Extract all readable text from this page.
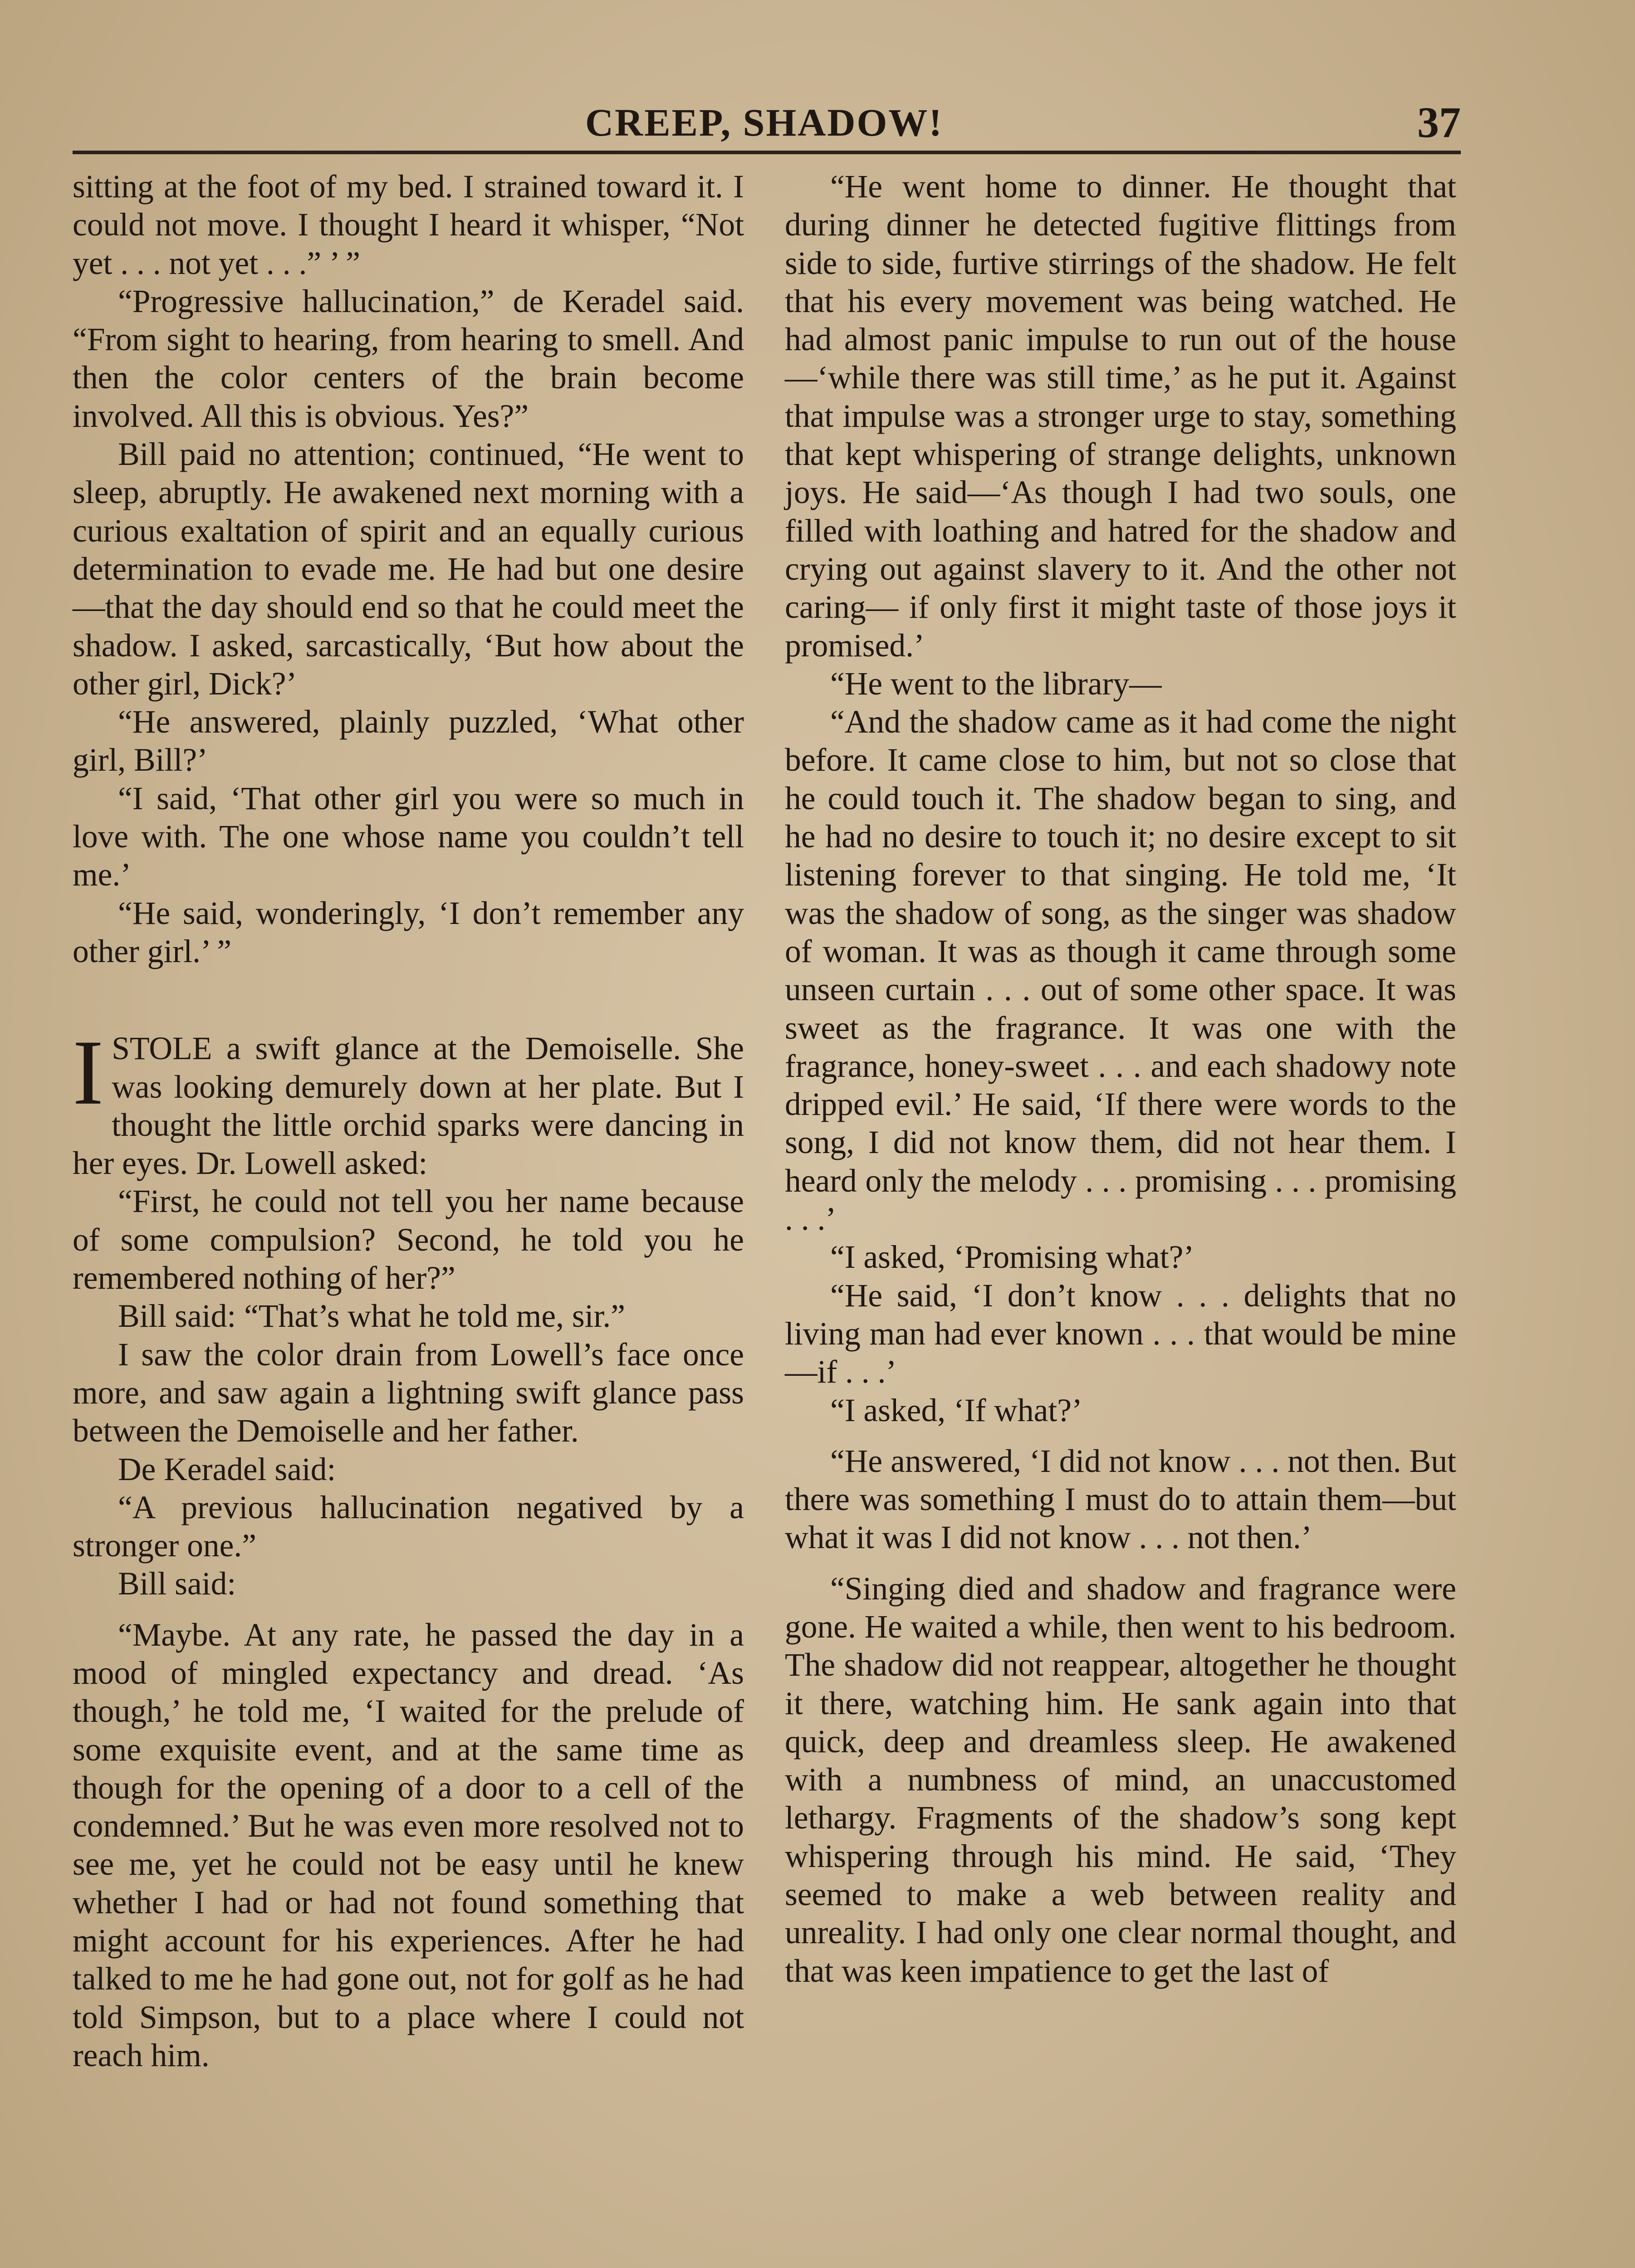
CREEP, SHADOW!	37

sitting at the foot of my bed. I strained toward it. I could not move. I thought I heard it whisper, “Not yet . . . not yet . . .” ’ ”

“Progressive hallucination,” de Keradel said. “From sight to hearing, from hearing to smell. And then the color centers of the brain become involved. All this is obvious. Yes?”

Bill paid no attention; continued, “He went to sleep, abruptly. He awakened next morning with a curious exaltation of spirit and an equally curious determination to evade me. He had but one desire —that the day should end so that he could meet the shadow. I asked, sarcastically, ‘But how about the other girl, Dick?’

“He answered, plainly puzzled, ‘What other girl, Bill?’

“I said, ‘That other girl you were so much in love with. The one whose name you couldn’t tell me.’

“He said, wonderingly, ‘I don’t remember any other girl.’ ”

ISTOLE a swift glance at the Demoiselle. She was looking demurely down at her plate. But I thought the little orchid sparks were dancing in her eyes. Dr. Lowell asked:

“First, he could not tell you her name because of some compulsion? Second, he told you he remembered nothing of her?”

Bill said: “That’s what he told me, sir.”

I saw the color drain from Lowell’s face once more, and saw again a lightning swift glance pass between the Demoiselle and her father.

De Keradel said:

“A previous hallucination negatived by a stronger one.”

Bill said:

“Maybe. At any rate, he passed the day in a mood of mingled expectancy and dread. ‘As though,’ he told me, ‘I waited for the prelude of some exquisite event, and at the same time as though for the opening of a door to a cell of the condemned.’ But he was even more resolved not to see me, yet he could not be easy until he knew whether I had or had not found something that might account for his experiences. After he had talked to me he had gone out, not for golf as he had told Simpson, but to a place where I could not reach him.

“He went home to dinner. He thought that during dinner he detected fugitive flittings from side to side, furtive stirrings of the shadow. He felt that his every movement was being watched. He had almost panic impulse to run out of the house—‘while there was still time,’ as he put it. Against that impulse was a stronger urge to stay, something that kept whispering of strange delights, unknown joys. He said—‘As though I had two souls, one filled with loathing and hatred for the shadow and crying out against slavery to it. And the other not caring— if only first it might taste of those joys it promised.’

“He went to the library—

“And the shadow came as it had come the night before. It came close to him, but not so close that he could touch it. The shadow began to sing, and he had no desire to touch it; no desire except to sit listening forever to that singing. He told me, ‘It was the shadow of song, as the singer was shadow of woman. It was as though it came through some unseen curtain . . . out of some other space. It was sweet as the fragrance. It was one with the fragrance, honey-sweet . . . and each shadowy note dripped evil.’ He said, ‘If there were words to the song, I did not know them, did not hear them. I heard only the melody . . . promising . . . promising . . .’

“I asked, ‘Promising what?’

“He said, ‘I don’t know . . . delights that no living man had ever known . . . that would be mine—if . . .’

“I asked, ‘If what?’

“He answered, ‘I did not know . . . not then. But there was something I must do to attain them—but what it was I did not know . . . not then.’

“Singing died and shadow and fragrance were gone. He waited a while, then went to his bedroom. The shadow did not reappear, altogether he thought it there, watching him. He sank again into that quick, deep and dreamless sleep. He awakened with a numbness of mind, an unaccustomed lethargy. Fragments of the shadow’s song kept whispering through his mind. He said, ‘They seemed to make a web between reality and unreality. I had only one clear normal thought, and that was keen impatience to get the last of
